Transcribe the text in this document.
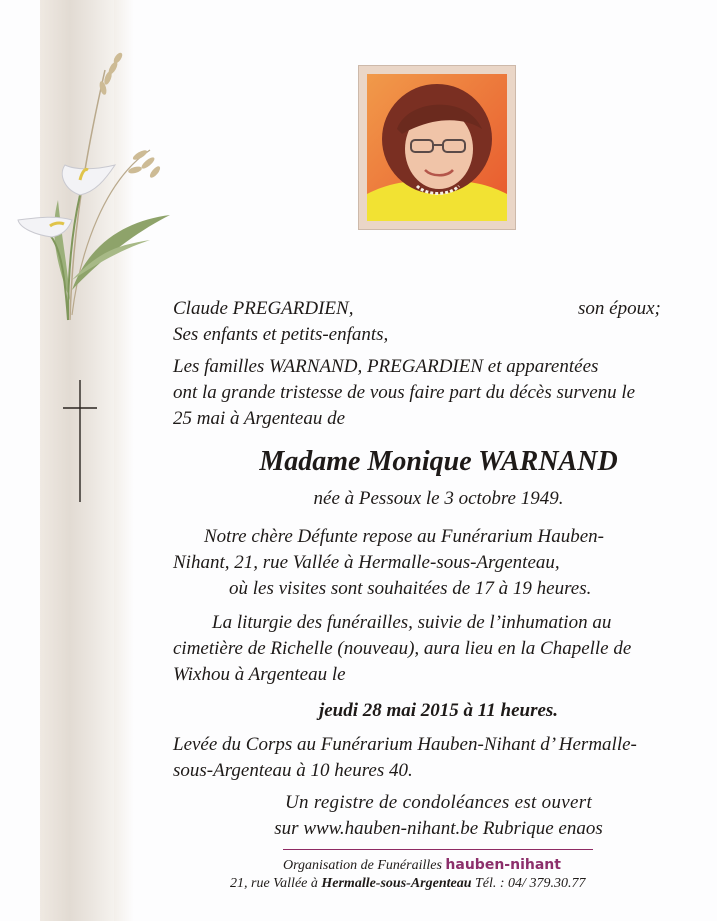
Claude PREGARDIEN,	son époux;
Ses enfants et petits-enfants,
Les familles WARNAND, PREGARDIEN et apparentées
ont la grande tristesse de vous faire part du décès survenu le
25 mai à Argenteau de
Madame Monique WARNAND
née à Pessoux le 3 octobre 1949.
Notre chère Défunte repose au Funérarium Hauben-
Nihant, 21, rue Vallée à Hermalle-sous-Argenteau,
où les visites sont souhaitées de 17 à 19 heures.
La liturgie des funérailles, suivie de l’inhumation au
cimetière de Richelle (nouveau), aura lieu en la Chapelle de
Wixhou à Argenteau le
jeudi 28 mai 2015 à 11 heures.
Levée du Corps au Funérarium Hauben-Nihant d’ Hermalle-
sous-Argenteau à 10 heures 40.
Un registre de condoléances est ouvert
sur www.hauben-nihant.be Rubrique enaos
Organisation de Funérailles hauben-nihant
21, rue Vallée à Hermalle-sous-Argenteau Tél. : 04/ 379.30.77
